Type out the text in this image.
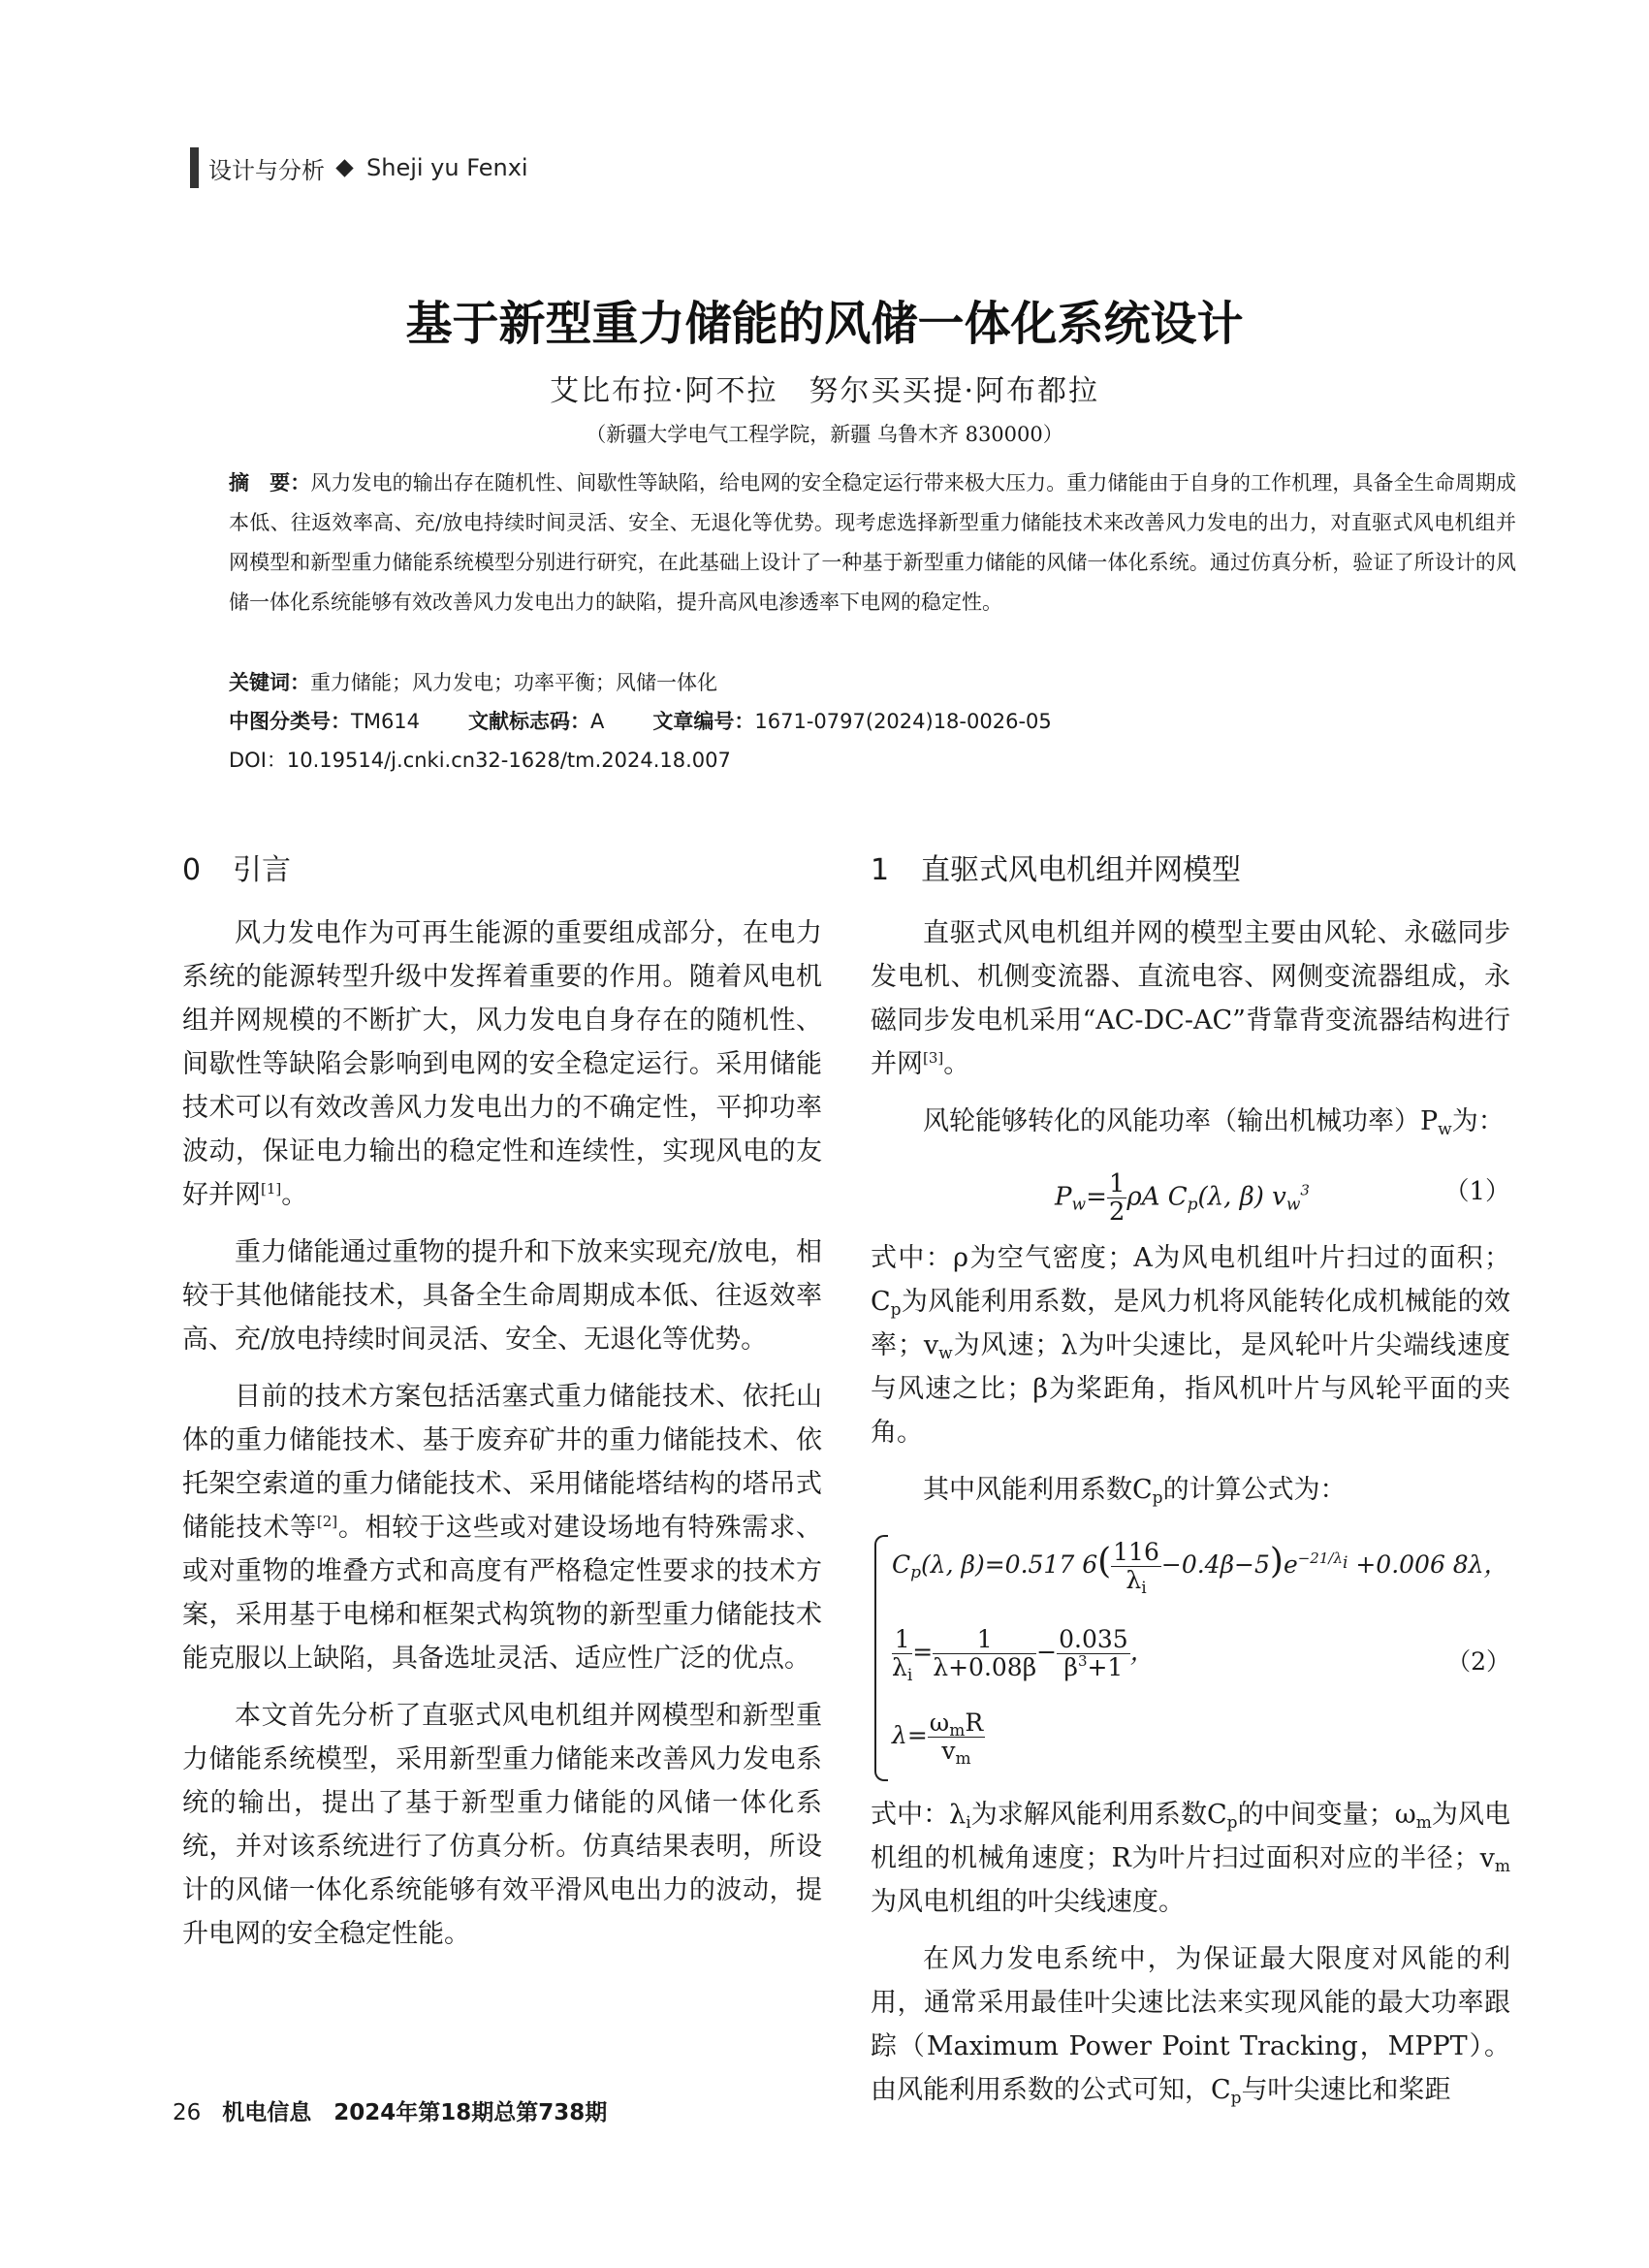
设计与分析 Sheji yu Fenxi
基于新型重力储能的风储一体化系统设计
艾比布拉·阿不拉　努尔买买提·阿布都拉
（新疆大学电气工程学院，新疆 乌鲁木齐 830000）
摘　要：风力发电的输出存在随机性、间歇性等缺陷，给电网的安全稳定运行带来极大压力。重力储能由于自身的工作机理，具备全生命周期成本低、往返效率高、充/放电持续时间灵活、安全、无退化等优势。现考虑选择新型重力储能技术来改善风力发电的出力，对直驱式风电机组并网模型和新型重力储能系统模型分别进行研究，在此基础上设计了一种基于新型重力储能的风储一体化系统。通过仿真分析，验证了所设计的风储一体化系统能够有效改善风力发电出力的缺陷，提升高风电渗透率下电网的稳定性。
关键词：重力储能；风力发电；功率平衡；风储一体化
中图分类号：TM614 文献标志码：A 文章编号：1671-0797(2024)18-0026-05
DOI：10.19514/j.cnki.cn32-1628/tm.2024.18.007
0 引言

风力发电作为可再生能源的重要组成部分，在电力系统的能源转型升级中发挥着重要的作用。随着风电机组并网规模的不断扩大，风力发电自身存在的随机性、间歇性等缺陷会影响到电网的安全稳定运行。采用储能技术可以有效改善风力发电出力的不确定性，平抑功率波动，保证电力输出的稳定性和连续性，实现风电的友好并网[1]。

重力储能通过重物的提升和下放来实现充/放电，相较于其他储能技术，具备全生命周期成本低、往返效率高、充/放电持续时间灵活、安全、无退化等优势。

目前的技术方案包括活塞式重力储能技术、依托山体的重力储能技术、基于废弃矿井的重力储能技术、依托架空索道的重力储能技术、采用储能塔结构的塔吊式储能技术等[2]。相较于这些或对建设场地有特殊需求、或对重物的堆叠方式和高度有严格稳定性要求的技术方案，采用基于电梯和框架式构筑物的新型重力储能技术能克服以上缺陷，具备选址灵活、适应性广泛的优点。

本文首先分析了直驱式风电机组并网模型和新型重力储能系统模型，采用新型重力储能来改善风力发电系统的输出，提出了基于新型重力储能的风储一体化系统，并对该系统进行了仿真分析。仿真结果表明，所设计的风储一体化系统能够有效平滑风电出力的波动，提升电网的安全稳定性能。

1 直驱式风电机组并网模型

直驱式风电机组并网的模型主要由风轮、永磁同步发电机、机侧变流器、直流电容、网侧变流器组成，永磁同步发电机采用“AC-DC-AC”背靠背变流器结构进行并网[3]。

风轮能够转化的风能功率（输出机械功率）$P_w$为：

$P_w= \frac{1}{2}$ ρA $C_p(\lambda$, β) $v_w^3$	（1）

式中：ρ为空气密度；A为风电机组叶片扫过的面积；$C_p$为风能利用系数，是风力机将风能转化成机械能的效率；$v_w$为风速；λ为叶尖速比，是风轮叶片尖端线速度与风速之比；β为桨距角，指风机叶片与风轮平面的夹角。

其中风能利用系数$C_p$的计算公式为：

$C_p(\lambda$, β)=0.517 $6( \frac{116}{\lambda_i} -0.4\beta-5)e^{-21/\lambda_i} +0.006$ 8λ，
$\frac{1}{\lambda_i} = \frac{1}{\lambda+0.08\beta} - \frac{0.035}{\beta^3+1}$ ，
$\lambda= \frac{\omega_mR}{v_m}$
（2）

式中：$\lambda_i$为求解风能利用系数$C_p$的中间变量；$\omega_m$为风电机组的机械角速度；R为叶片扫过面积对应的半径；$v_m$为风电机组的叶尖线速度。

在风力发电系统中，为保证最大限度对风能的利用，通常采用最佳叶尖速比法来实现风能的最大功率跟踪（Maximum Power Point Tracking，MPPT）。由风能利用系数的公式可知，$C_p$与叶尖速比和桨距

26 机电信息　2024年第18期总第738期
